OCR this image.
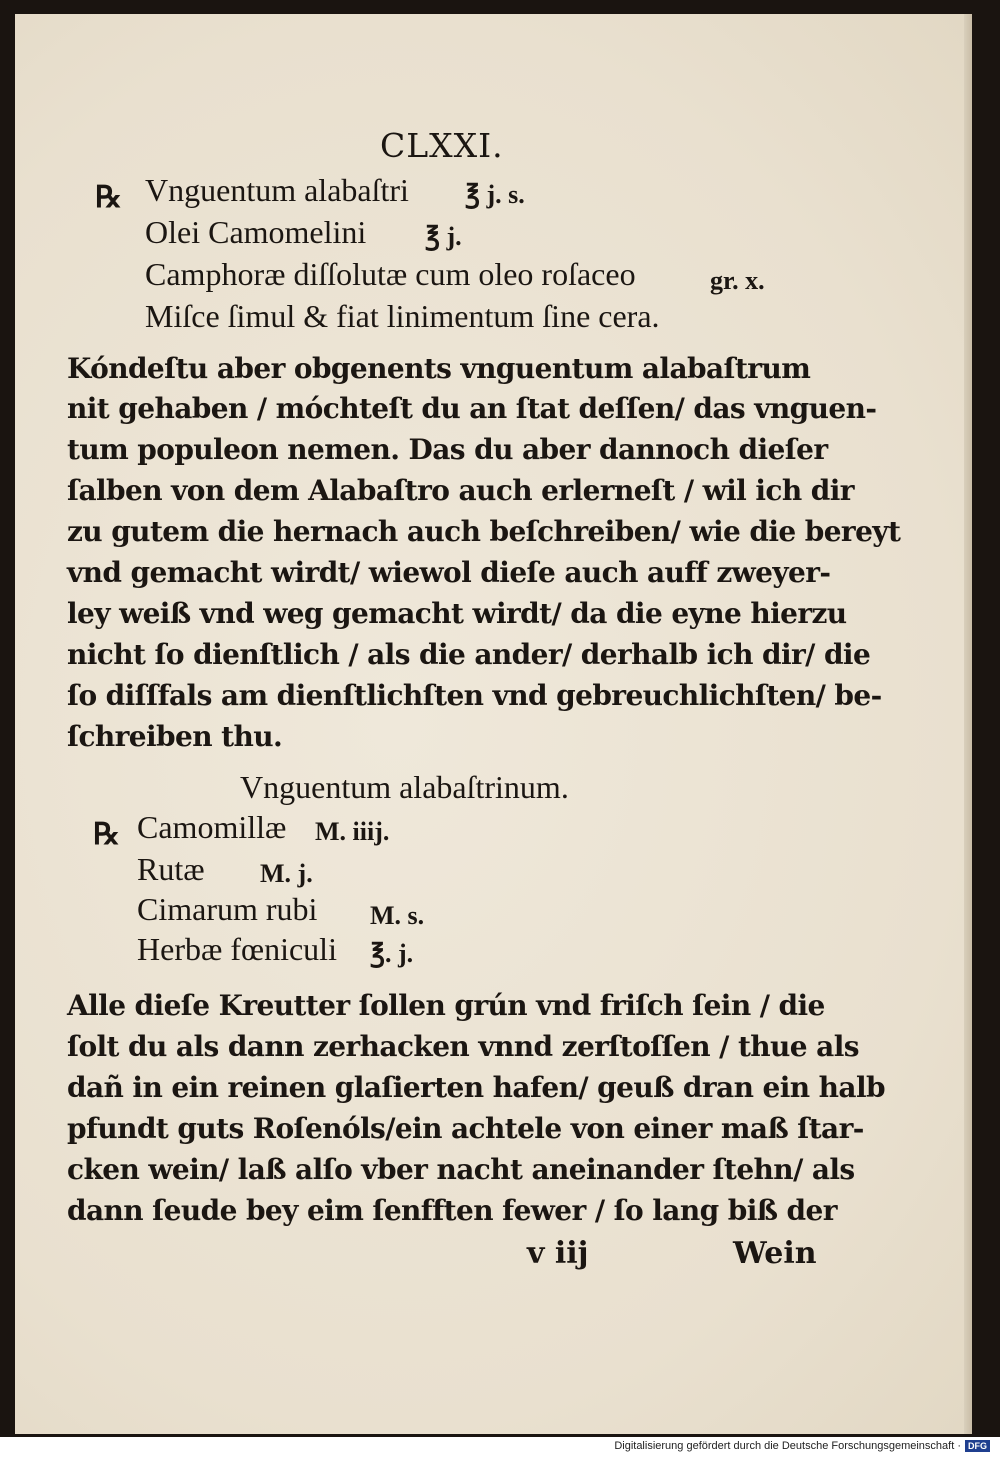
CLXXI.
℞ Vnguentum alabaſtri ℥ j. s.
Olei Camomelini ℥ j.
Camphoræ diſſolutæ cum oleo roſaceo	gr. x.
Miſce ſimul & fiat linimentum ſine cera.
Kóndeſtu aber obgenents vnguentum alabaſtrum
nit gehaben / móchteſt du an ſtat deſſen/ das vnguen-
tum populeon nemen. Das du aber dannoch dieſer
ſalben von dem Alabaſtro auch erlerneſt / wil ich dir
zu gutem die hernach auch beſchreiben/ wie die bereyt
vnd gemacht wirdt/ wiewol dieſe auch auff zweyer-
ley weiß vnd weg gemacht wirdt/ da die eyne hierzu
nicht ſo dienſtlich / als die ander/ derhalb ich dir/ die
ſo diſſfals am dienſtlichſten vnd gebreuchlichſten/ be-
ſchreiben thu.
Vnguentum alabaſtrinum.
℞ Camomillæ M. iiij.
Rutæ M. j.
Cimarum rubi M. s.
Herbæ fœniculi ℥. j.
Alle dieſe Kreutter ſollen grún vnd friſch ſein / die
ſolt du als dann zerhacken vnnd zerſtoſſen / thue als
dañ in ein reinen glaſierten hafen/ geuß dran ein halb
pfundt guts Roſenóls/ein achtele von einer maß ſtar-
cken wein/ laß alſo vber nacht aneinander ſtehn/ als
dann ſeude bey eim ſenfften fewer / ſo lang biß der
v iij	Wein
Digitalisierung gefördert durch die Deutsche Forschungsgemeinschaft · DFG
